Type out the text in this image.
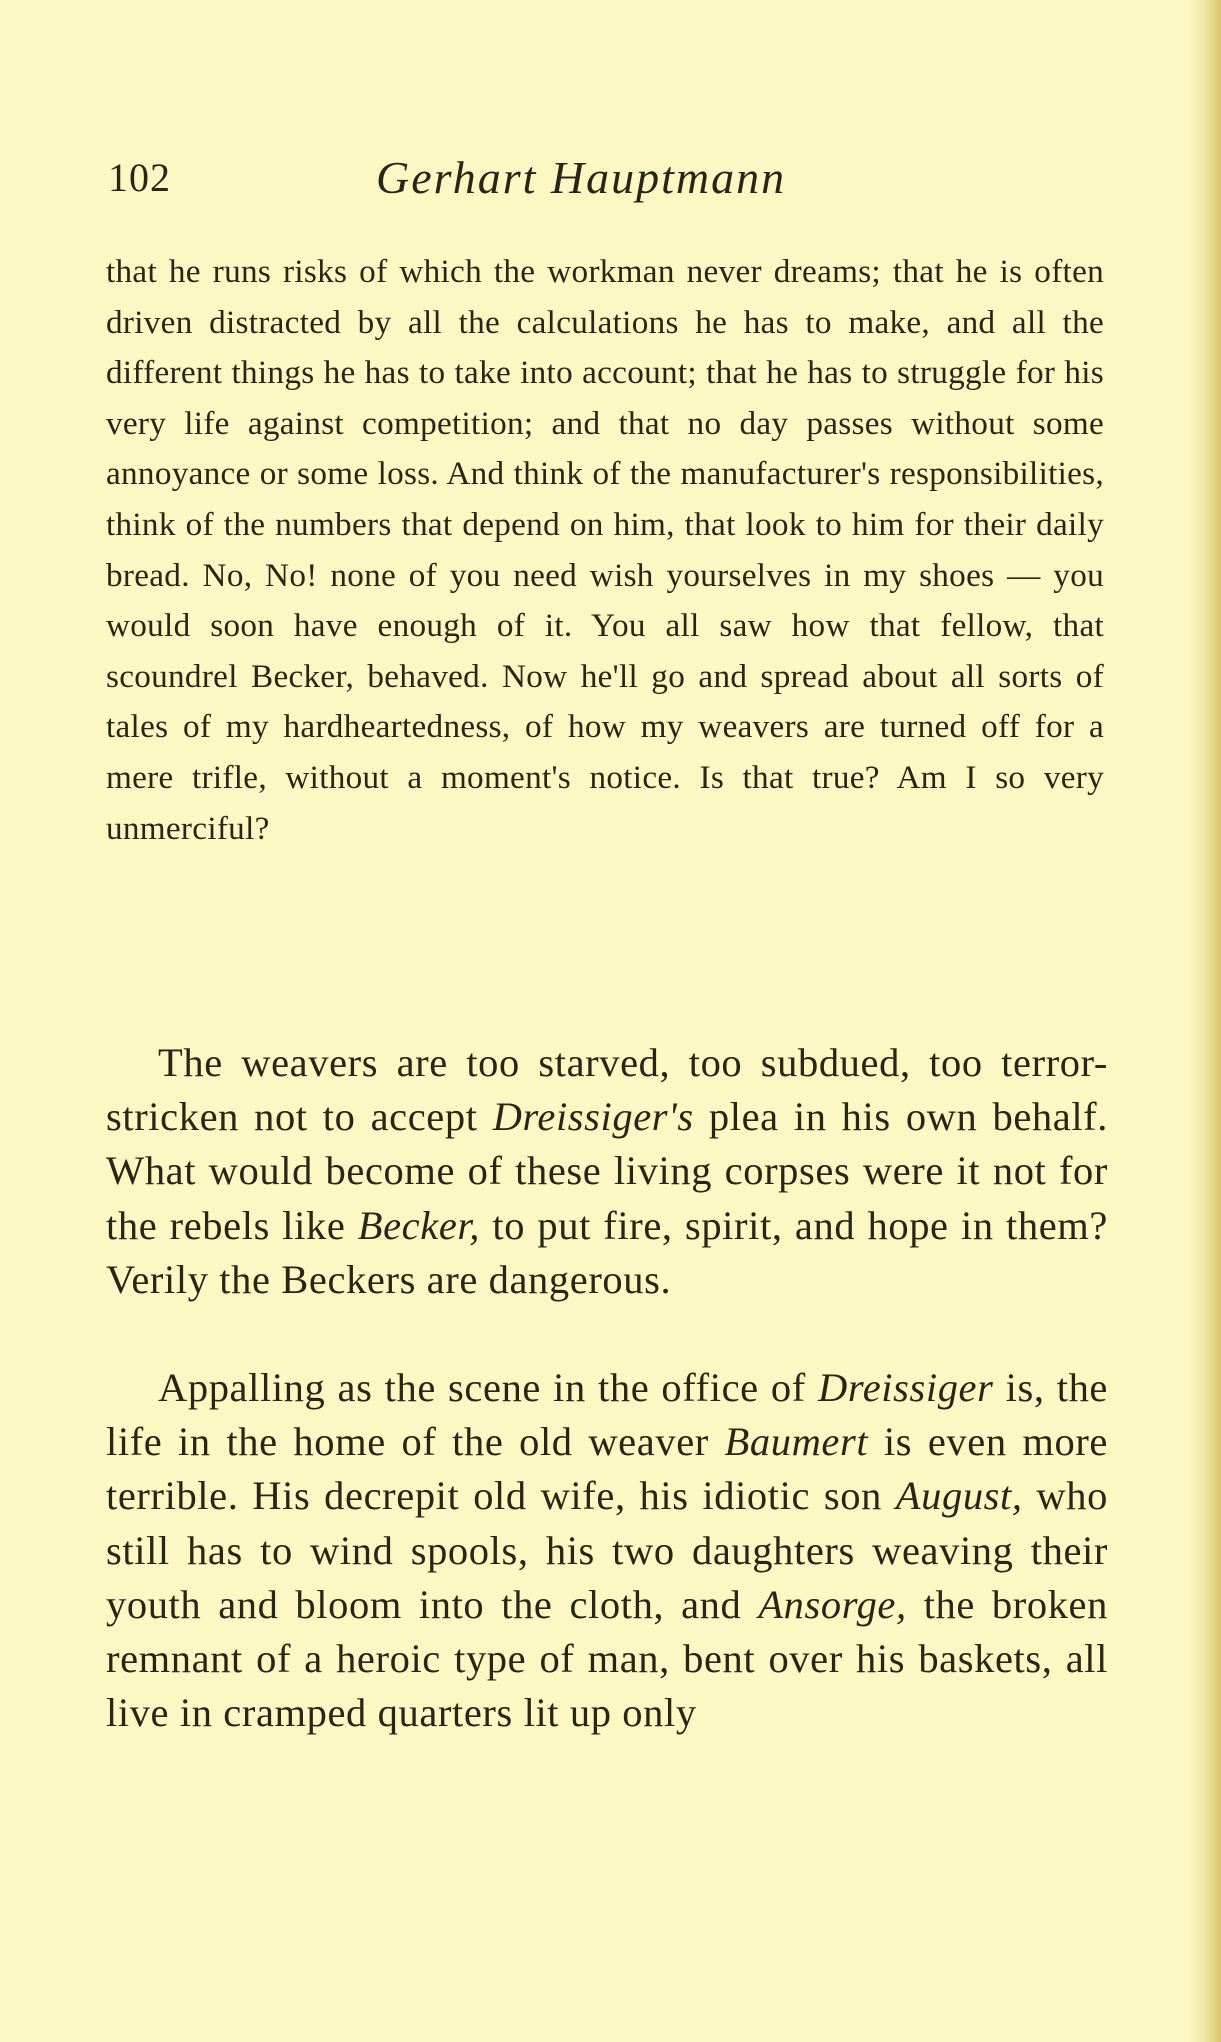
102	Gerhart Hauptmann

that he runs risks of which the workman never dreams; that he is often driven distracted by all the calculations he has to make, and all the different things he has to take into account; that he has to struggle for his very life against competition; and that no day passes without some annoyance or some loss. And think of the manufacturer's responsibilities, think of the numbers that depend on him, that look to him for their daily bread. No, No! none of you need wish yourselves in my shoes — you would soon have enough of it. You all saw how that fellow, that scoundrel Becker, behaved. Now he'll go and spread about all sorts of tales of my hardheartedness, of how my weavers are turned off for a mere trifle, without a moment's notice. Is that true? Am I so very unmerciful?

The weavers are too starved, too subdued, too terror-stricken not to accept Dreissiger's plea in his own behalf. What would become of these living corpses were it not for the rebels like Becker, to put fire, spirit, and hope in them? Verily the Beckers are dangerous.

Appalling as the scene in the office of Dreissiger is, the life in the home of the old weaver Baumert is even more terrible. His decrepit old wife, his idiotic son August, who still has to wind spools, his two daughters weaving their youth and bloom into the cloth, and Ansorge, the broken remnant of a heroic type of man, bent over his baskets, all live in cramped quarters lit up only
